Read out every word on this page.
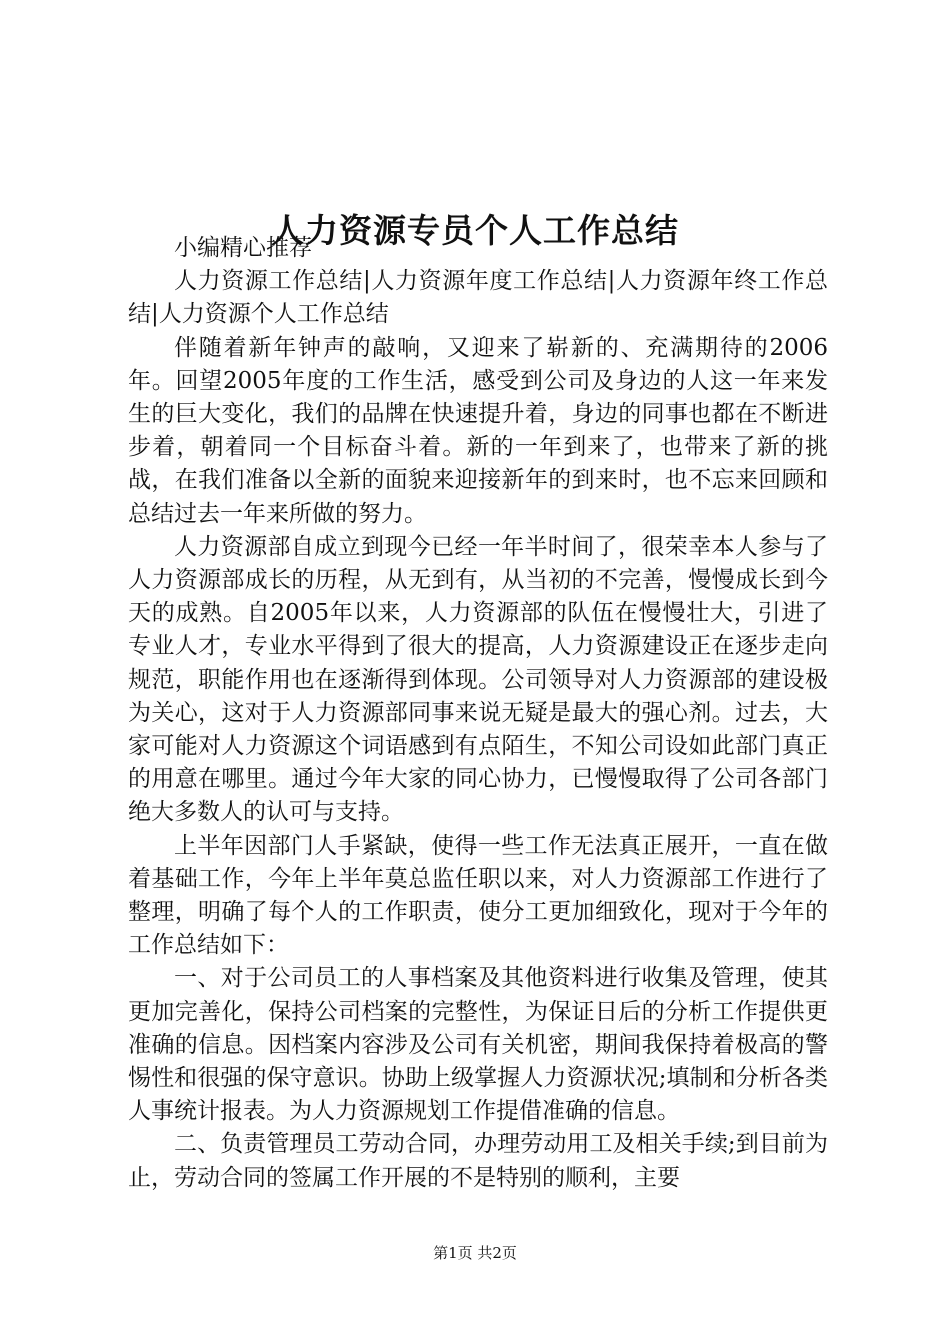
人力资源专员个人工作总结

小编精心推荐

人力资源工作总结|人力资源年度工作总结|人力资源年终工作总结|人力资源个人工作总结

伴随着新年钟声的敲响，又迎来了崭新的、充满期待的2006年。回望2005年度的工作生活，感受到公司及身边的人这一年来发生的巨大变化，我们的品牌在快速提升着，身边的同事也都在不断进步着，朝着同一个目标奋斗着。新的一年到来了，也带来了新的挑战，在我们准备以全新的面貌来迎接新年的到来时，也不忘来回顾和总结过去一年来所做的努力。

人力资源部自成立到现今已经一年半时间了，很荣幸本人参与了人力资源部成长的历程，从无到有，从当初的不完善，慢慢成长到今天的成熟。自2005年以来，人力资源部的队伍在慢慢壮大，引进了专业人才，专业水平得到了很大的提高，人力资源建设正在逐步走向规范，职能作用也在逐渐得到体现。公司领导对人力资源部的建设极为关心，这对于人力资源部同事来说无疑是最大的强心剂。过去，大家可能对人力资源这个词语感到有点陌生，不知公司设如此部门真正的用意在哪里。通过今年大家的同心协力，已慢慢取得了公司各部门绝大多数人的认可与支持。

上半年因部门人手紧缺，使得一些工作无法真正展开，一直在做着基础工作，今年上半年莫总监任职以来，对人力资源部工作进行了整理，明确了每个人的工作职责，使分工更加细致化，现对于今年的工作总结如下：

一、对于公司员工的人事档案及其他资料进行收集及管理，使其更加完善化，保持公司档案的完整性，为保证日后的分析工作提供更准确的信息。因档案内容涉及公司有关机密，期间我保持着极高的警惕性和很强的保守意识。协助上级掌握人力资源状况;填制和分析各类人事统计报表。为人力资源规划工作提借准确的信息。

二、负责管理员工劳动合同，办理劳动用工及相关手续;到目前为止，劳动合同的签属工作开展的不是特别的顺利，主要

第1页 共2页
